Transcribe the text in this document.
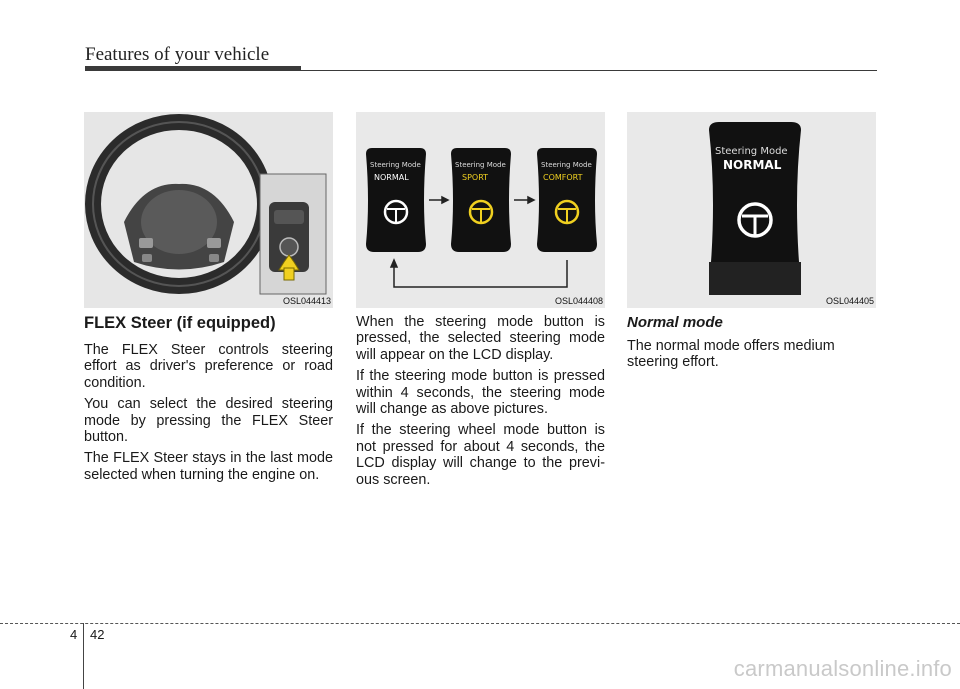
Features of your vehicle
OSL044413
Steering Mode
NORMAL
Steering Mode
SPORT
Steering Mode
COMFORT
OSL044408
Steering Mode
NORMAL
OSL044405
FLEX Steer (if equipped)

The FLEX Steer controls steering effort as driver's preference or road condition.

You can select the desired steering mode by pressing the FLEX Steer button.

The FLEX Steer stays in the last mode selected when turning the engine on.

When the steering mode button is pressed, the selected steering mode will appear on the LCD display.

If the steering mode button is pressed within 4 seconds, the steering mode will change as above pictures.

If the steering wheel mode button is not pressed for about 4 seconds, the LCD display will change to the previ-ous screen.

Normal mode

The normal mode offers medium steering effort.

4 42
carmanualsonline.info
